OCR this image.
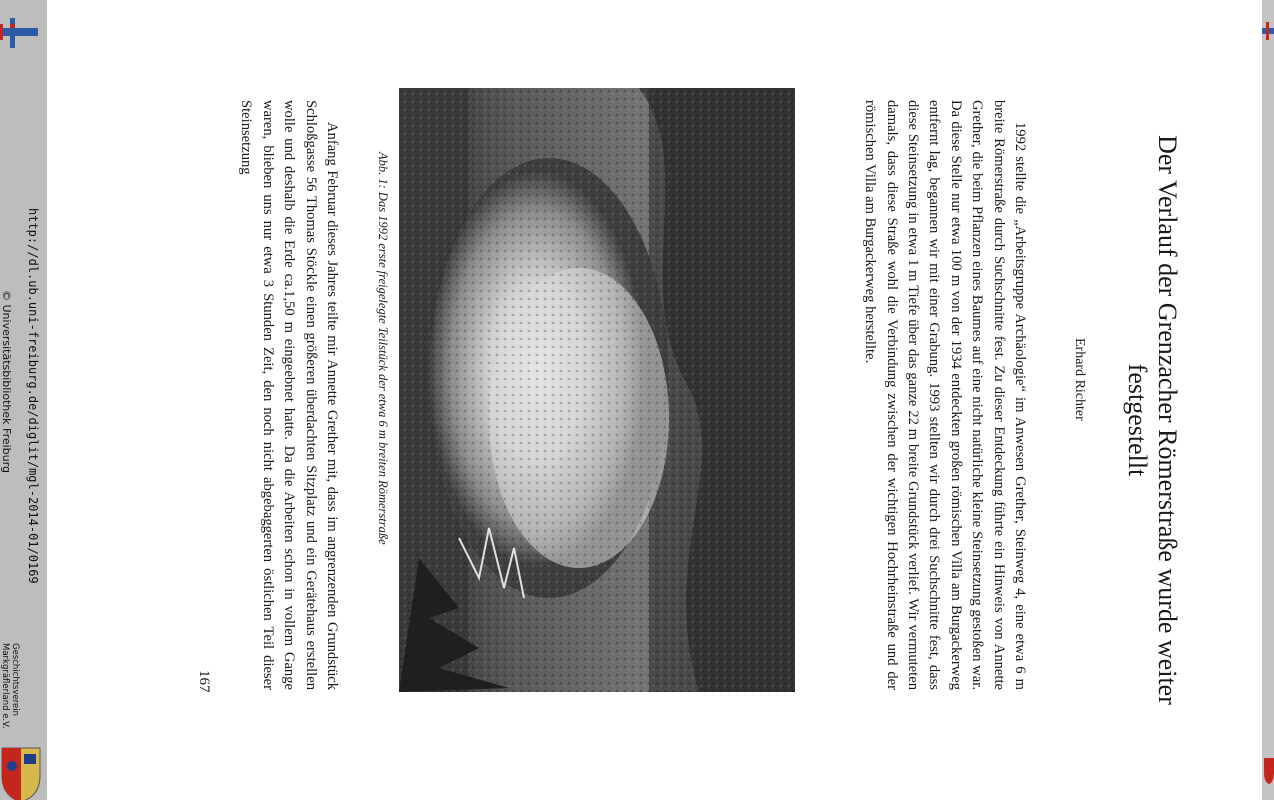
Der Verlauf der Grenzacher Römerstraße wurde weiter festgestellt
Erhard Richter
1992 stellte die „Arbeitsgruppe Archäologie“ im Anwesen Grether, Steinweg 4, eine etwa 6 m breite Römerstraße durch Suchschnitte fest. Zu dieser Entdeckung führte ein Hinweis von Annette Grether, die beim Pflanzen eines Baumes auf eine nicht natürliche kleine Steinsetzung gestoßen war. Da diese Stelle nur etwa 100 m von der 1934 entdeckten großen römischen Villa am Burgackerweg entfernt lag, begannen wir mit einer Grabung. 1993 stellten wir durch drei Suchschnitte fest, dass diese Steinsetzung in etwa 1 m Tiefe über das ganze 22 m breite Grundstück verlief. Wir vermuteten damals, dass diese Straße wohl die Verbindung zwischen der wichtigen Hochrheinstraße und der römischen Villa am Burgackerweg herstellte.
Abb. 1: Das 1992 erste freigelegte Teilstück der etwa 6 m breiten Römerstraße
Anfang Februar dieses Jahres teilte mir Annette Grether mit, dass im angrenzenden Grundstück Schloßgasse 56 Thomas Stöckle einen größeren überdachten Sitzplatz und ein Gerätehaus erstellen wolle und deshalb die Erde ca.1,50 m eingeebnet hatte. Da die Arbeiten schon in vollem Gange waren, blieben uns nur etwa 3 Stunden Zeit, den noch nicht abgebaggerten östlichen Teil dieser Steinsetzung
167
http://dl.ub.uni-freiburg.de/diglit/mgl-2014-01/0169
© Universitätsbibliothek Freiburg
Geschichtsverein Markgräflerland e.V.
